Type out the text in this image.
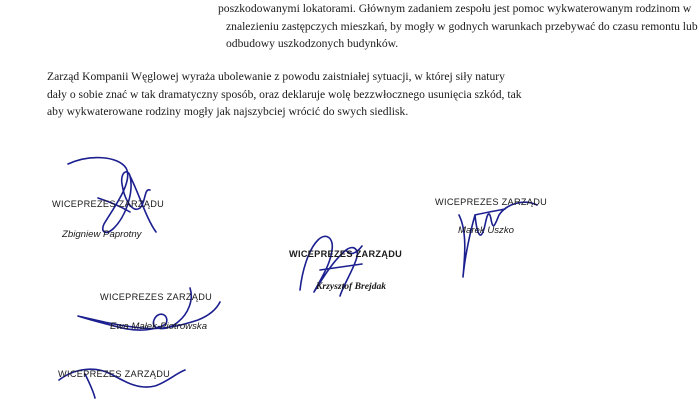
poszkodowanymi lokatorami. Głównym zadaniem zespołu jest pomoc wykwaterowanym rodzinom w
znalezieniu zastępczych mieszkań, by mogły w godnych warunkach przebywać do czasu remontu lub
odbudowy uszkodzonych budynków.
Zarząd Kompanii Węglowej wyraża ubolewanie z powodu zaistniałej sytuacji, w której siły natury
dały o sobie znać w tak dramatyczny sposób, oraz deklaruje wolę bezzwłocznego usunięcia szkód, tak
aby wykwaterowane rodziny mogły jak najszybciej wrócić do swych siedlisk.
WICEPREZES ZARZĄDU
Zbigniew Paprotny
WICEPREZES ZARZĄDU
Marek Uszko
WICEPREZES ZARZĄDU
Krzysztof Brejdak
WICEPREZES ZARZĄDU
Ewa Małek-Piotrowska
WICEPREZES ZARZĄDU
